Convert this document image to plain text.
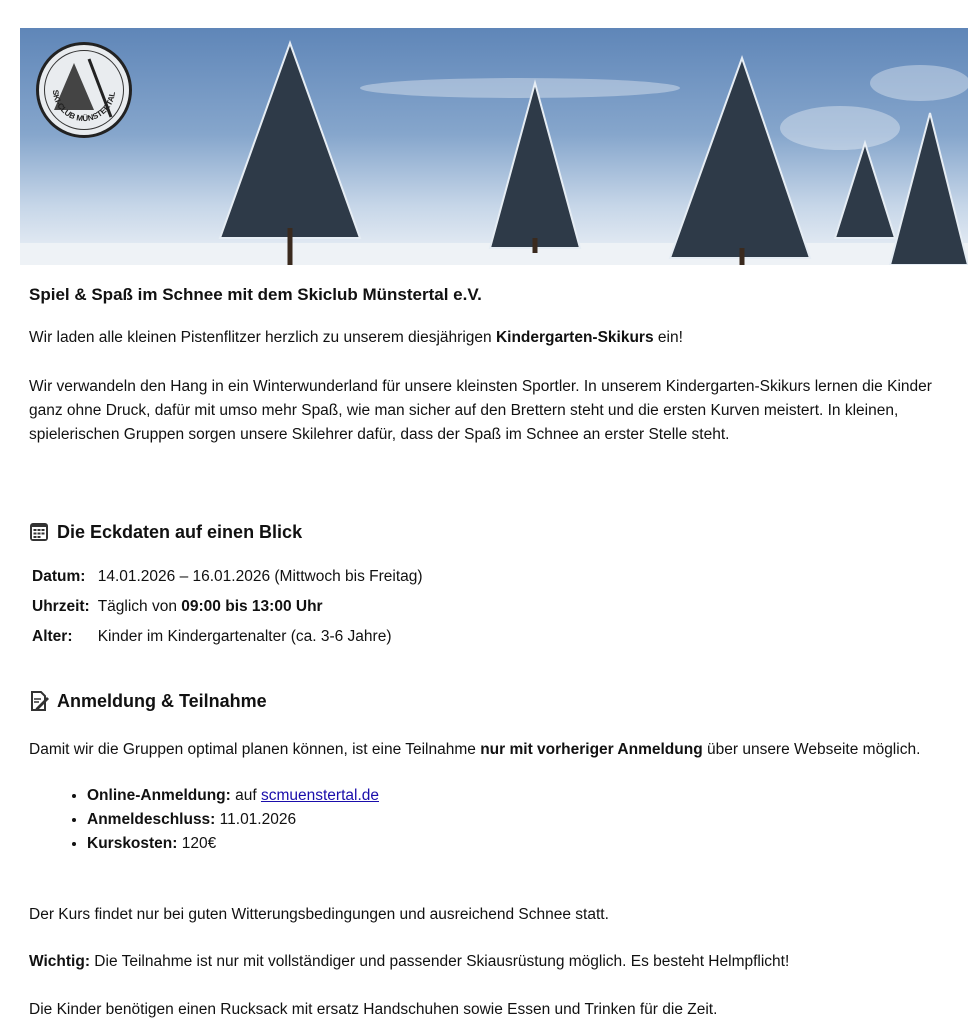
SKI-CLUB MÜNSTERTAL
Spiel & Spaß im Schnee mit dem Skiclub Münstertal e.V.
Wir laden alle kleinen Pistenflitzer herzlich zu unserem diesjährigen Kindergarten-Skikurs ein!
Wir verwandeln den Hang in ein Winterwunderland für unsere kleinsten Sportler. In unserem Kindergarten-Skikurs lernen die Kinder ganz ohne Druck, dafür mit umso mehr Spaß, wie man sicher auf den Brettern steht und die ersten Kurven meistert. In kleinen, spielerischen Gruppen sorgen unsere Skilehrer dafür, dass der Spaß im Schnee an erster Stelle steht.
Die Eckdaten auf einen Blick
Datum:	14.01.2026 – 16.01.2026 (Mittwoch bis Freitag)
Uhrzeit:	Täglich von 09:00 bis 13:00 Uhr
Alter:	Kinder im Kindergartenalter (ca. 3-6 Jahre)
Anmeldung & Teilnahme
Damit wir die Gruppen optimal planen können, ist eine Teilnahme nur mit vorheriger Anmeldung über unsere Webseite möglich.
• Online-Anmeldung: auf scmuenstertal.de
• Anmeldeschluss: 11.01.2026
• Kurskosten: 120€
Der Kurs findet nur bei guten Witterungsbedingungen und ausreichend Schnee statt.
Wichtig: Die Teilnahme ist nur mit vollständiger und passender Skiausrüstung möglich. Es besteht Helmpflicht!
Die Kinder benötigen einen Rucksack mit ersatz Handschuhen sowie Essen und Trinken für die Zeit.
